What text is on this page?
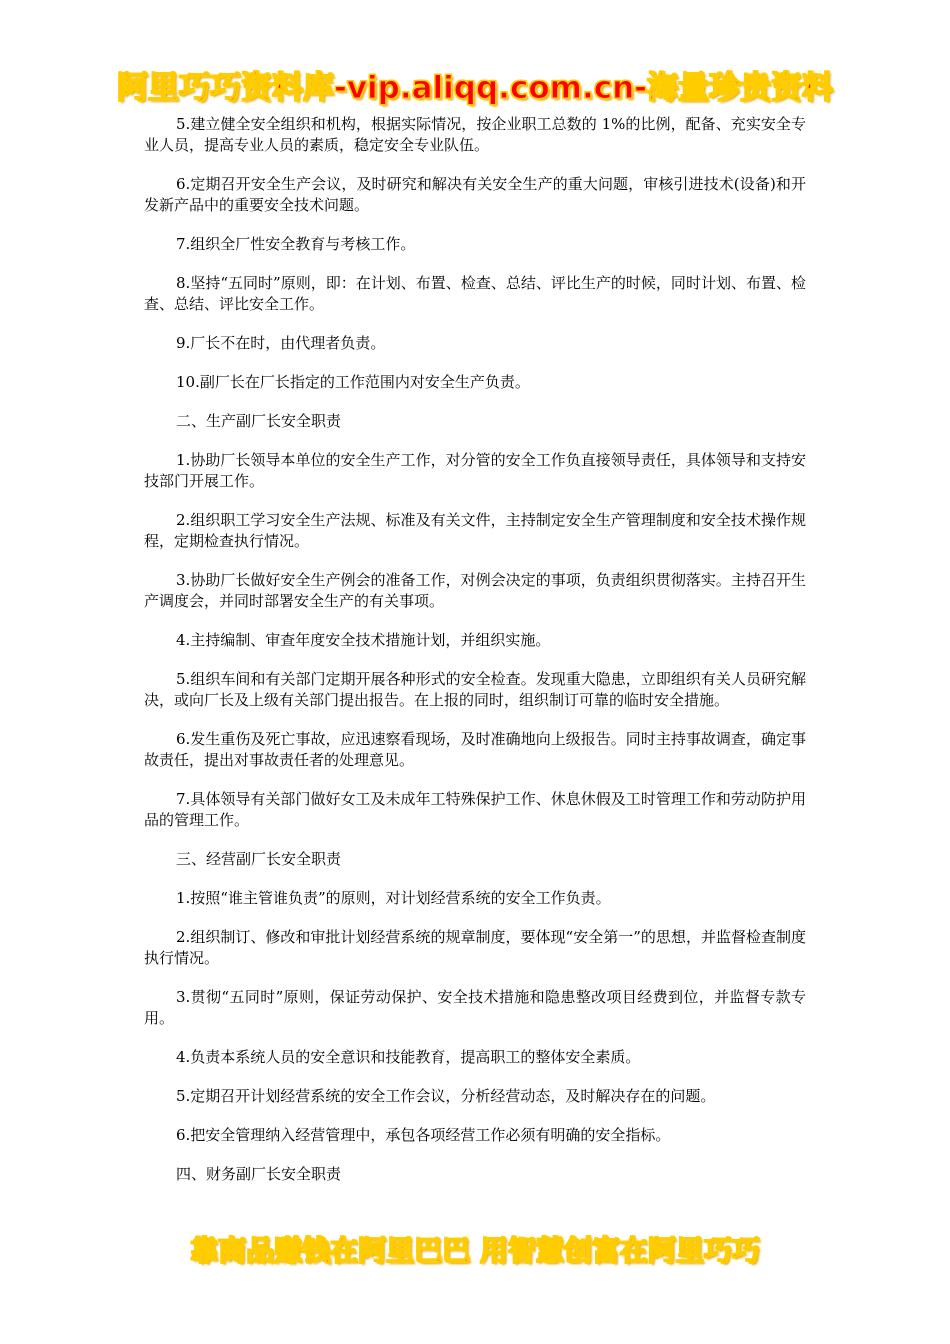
阿里巧巧资料库-vip.aliqq.com.cn-海量珍贵资料

5.建立健全安全组织和机构，根据实际情况，按企业职工总数的 1%的比例，配备、充实安全专业人员，提高专业人员的素质，稳定安全专业队伍。

6.定期召开安全生产会议，及时研究和解决有关安全生产的重大问题，审核引进技术(设备)和开发新产品中的重要安全技术问题。

7.组织全厂性安全教育与考核工作。

8.坚持“五同时”原则，即：在计划、布置、检查、总结、评比生产的时候，同时计划、布置、检查、总结、评比安全工作。

9.厂长不在时，由代理者负责。

10.副厂长在厂长指定的工作范围内对安全生产负责。

二、生产副厂长安全职责

1.协助厂长领导本单位的安全生产工作，对分管的安全工作负直接领导责任，具体领导和支持安技部门开展工作。

2.组织职工学习安全生产法规、标准及有关文件，主持制定安全生产管理制度和安全技术操作规程，定期检查执行情况。

3.协助厂长做好安全生产例会的准备工作，对例会决定的事项，负责组织贯彻落实。主持召开生产调度会，并同时部署安全生产的有关事项。

4.主持编制、审查年度安全技术措施计划，并组织实施。

5.组织车间和有关部门定期开展各种形式的安全检查。发现重大隐患，立即组织有关人员研究解决，或向厂长及上级有关部门提出报告。在上报的同时，组织制订可靠的临时安全措施。

6.发生重伤及死亡事故，应迅速察看现场，及时准确地向上级报告。同时主持事故调查，确定事故责任，提出对事故责任者的处理意见。

7.具体领导有关部门做好女工及未成年工特殊保护工作、休息休假及工时管理工作和劳动防护用品的管理工作。

三、经营副厂长安全职责

1.按照“谁主管谁负责”的原则，对计划经营系统的安全工作负责。

2.组织制订、修改和审批计划经营系统的规章制度，要体现“安全第一”的思想，并监督检查制度执行情况。

3.贯彻“五同时”原则，保证劳动保护、安全技术措施和隐患整改项目经费到位，并监督专款专用。

4.负责本系统人员的安全意识和技能教育，提高职工的整体安全素质。

5.定期召开计划经营系统的安全工作会议，分析经营动态，及时解决存在的问题。

6.把安全管理纳入经营管理中，承包各项经营工作必须有明确的安全指标。

四、财务副厂长安全职责

靠商品赚钱在阿里巴巴 用智慧创富在阿里巧巧
